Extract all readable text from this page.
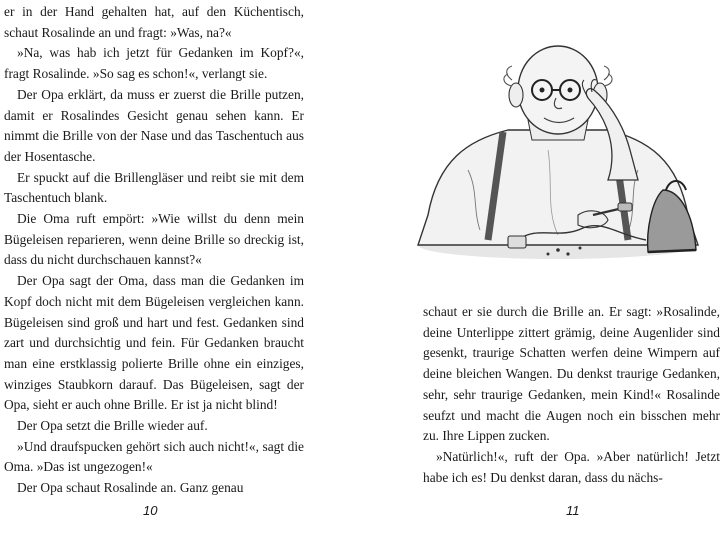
er in der Hand gehalten hat, auf den Küchentisch, schaut Rosalinde an und fragt: »Was, na?«

»Na, was hab ich jetzt für Gedanken im Kopf?«, fragt Rosalinde. »So sag es schon!«, verlangt sie.

Der Opa erklärt, da muss er zuerst die Brille putzen, damit er Rosalindes Gesicht genau sehen kann. Er nimmt die Brille von der Nase und das Taschentuch aus der Hosentasche.

Er spuckt auf die Brillengläser und reibt sie mit dem Taschentuch blank.

Die Oma ruft empört: »Wie willst du denn mein Bügeleisen reparieren, wenn deine Brille so dreckig ist, dass du nicht durchschauen kannst?«

Der Opa sagt der Oma, dass man die Gedanken im Kopf doch nicht mit dem Bügeleisen vergleichen kann. Bügeleisen sind groß und hart und fest. Gedanken sind zart und durchsichtig und fein. Für Gedanken braucht man eine erstklassig polierte Brille ohne ein einziges, winziges Staubkorn darauf. Das Bügeleisen, sagt der Opa, sieht er auch ohne Brille. Er ist ja nicht blind!

Der Opa setzt die Brille wieder auf.

»Und draufspucken gehört sich auch nicht!«, sagt die Oma. »Das ist ungezogen!«

Der Opa schaut Rosalinde an. Ganz genau

10

schaut er sie durch die Brille an. Er sagt: »Rosalinde, deine Unterlippe zittert grämig, deine Augenlider sind gesenkt, traurige Schatten werfen deine Wimpern auf deine bleichen Wangen. Du denkst traurige Gedanken, sehr, sehr traurige Gedanken, mein Kind!« Rosalinde seufzt und macht die Augen noch ein bisschen mehr zu. Ihre Lippen zucken.

»Natürlich!«, ruft der Opa. »Aber natürlich! Jetzt habe ich es! Du denkst daran, dass du nächs-

11
